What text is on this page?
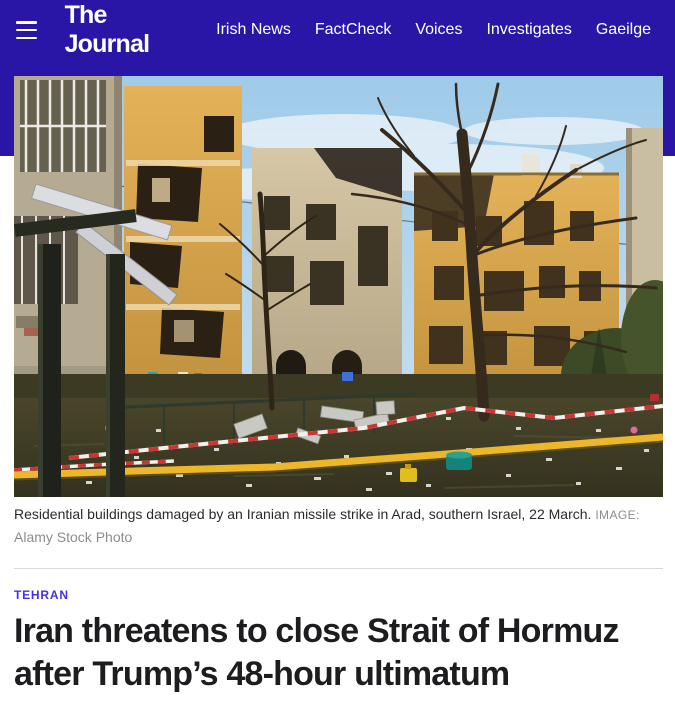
The Journal
Irish News FactCheck Voices Investigates Gaeilge
Residential buildings damaged by an Iranian missile strike in Arad, southern Israel, 22 March. IMAGE: Alamy Stock Photo
TEHRAN
Iran threatens to close Strait of Hormuz after Trump’s 48-hour ultimatum
